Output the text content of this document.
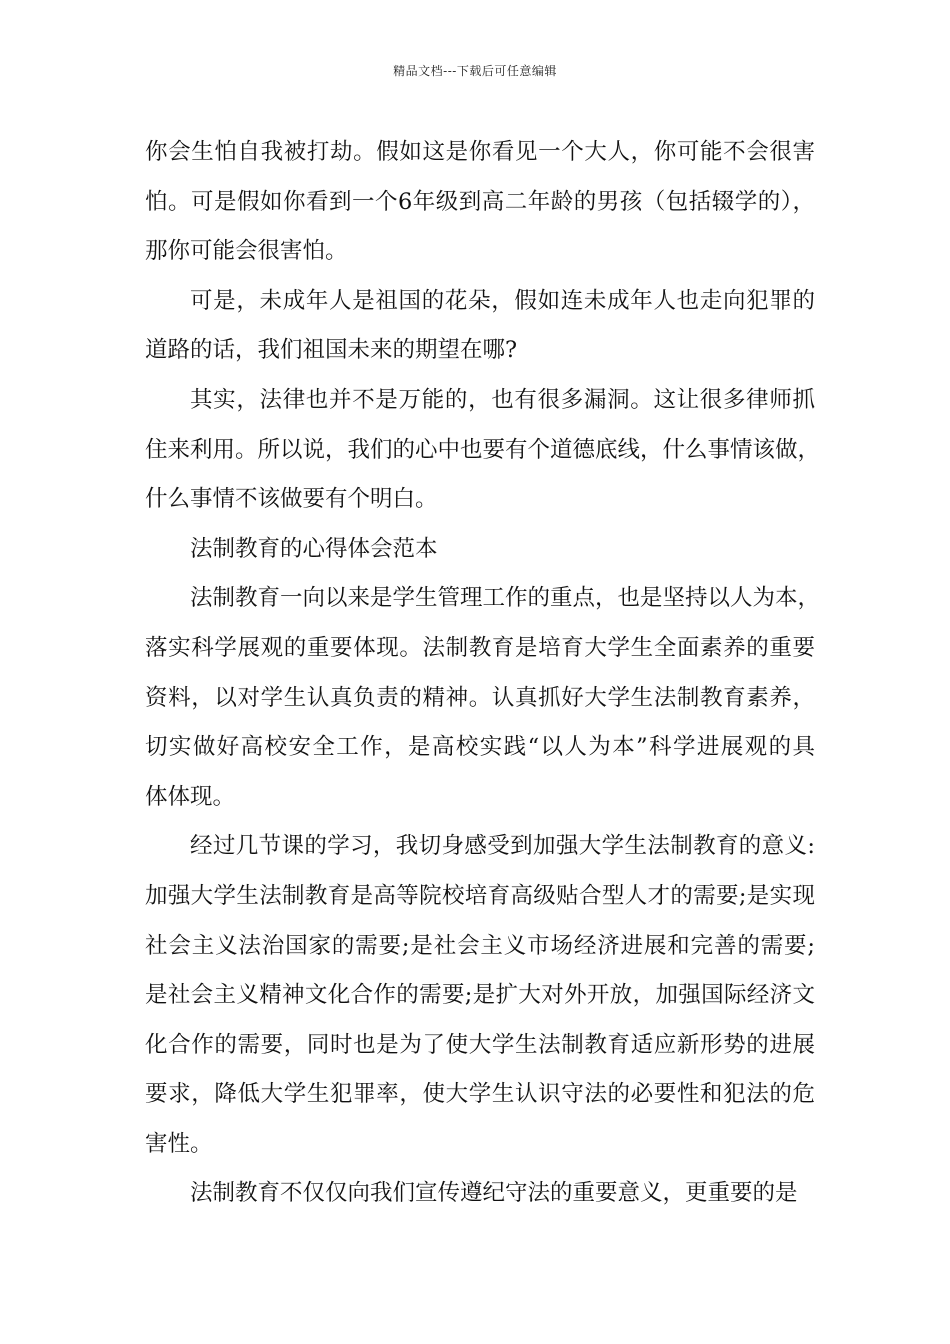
精品文档---下载后可任意编辑
你会生怕自我被打劫。假如这是你看见一个大人，你可能不会很害
怕。可是假如你看到一个6年级到高二年龄的男孩（包括辍学的），
那你可能会很害怕。
可是，未成年人是祖国的花朵，假如连未成年人也走向犯罪的
道路的话，我们祖国未来的期望在哪?
其实，法律也并不是万能的，也有很多漏洞。这让很多律师抓
住来利用。所以说，我们的心中也要有个道德底线，什么事情该做，
什么事情不该做要有个明白。
法制教育的心得体会范本
法制教育一向以来是学生管理工作的重点，也是坚持以人为本，
落实科学展观的重要体现。法制教育是培育大学生全面素养的重要
资料，以对学生认真负责的精神。认真抓好大学生法制教育素养，
切实做好高校安全工作，是高校实践“以人为本”科学进展观的具
体体现。
经过几节课的学习，我切身感受到加强大学生法制教育的意义:
加强大学生法制教育是高等院校培育高级贴合型人才的需要;是实现
社会主义法治国家的需要;是社会主义市场经济进展和完善的需要;
是社会主义精神文化合作的需要;是扩大对外开放，加强国际经济文
化合作的需要，同时也是为了使大学生法制教育适应新形势的进展
要求，降低大学生犯罪率，使大学生认识守法的必要性和犯法的危
害性。
法制教育不仅仅向我们宣传遵纪守法的重要意义，更重要的是
